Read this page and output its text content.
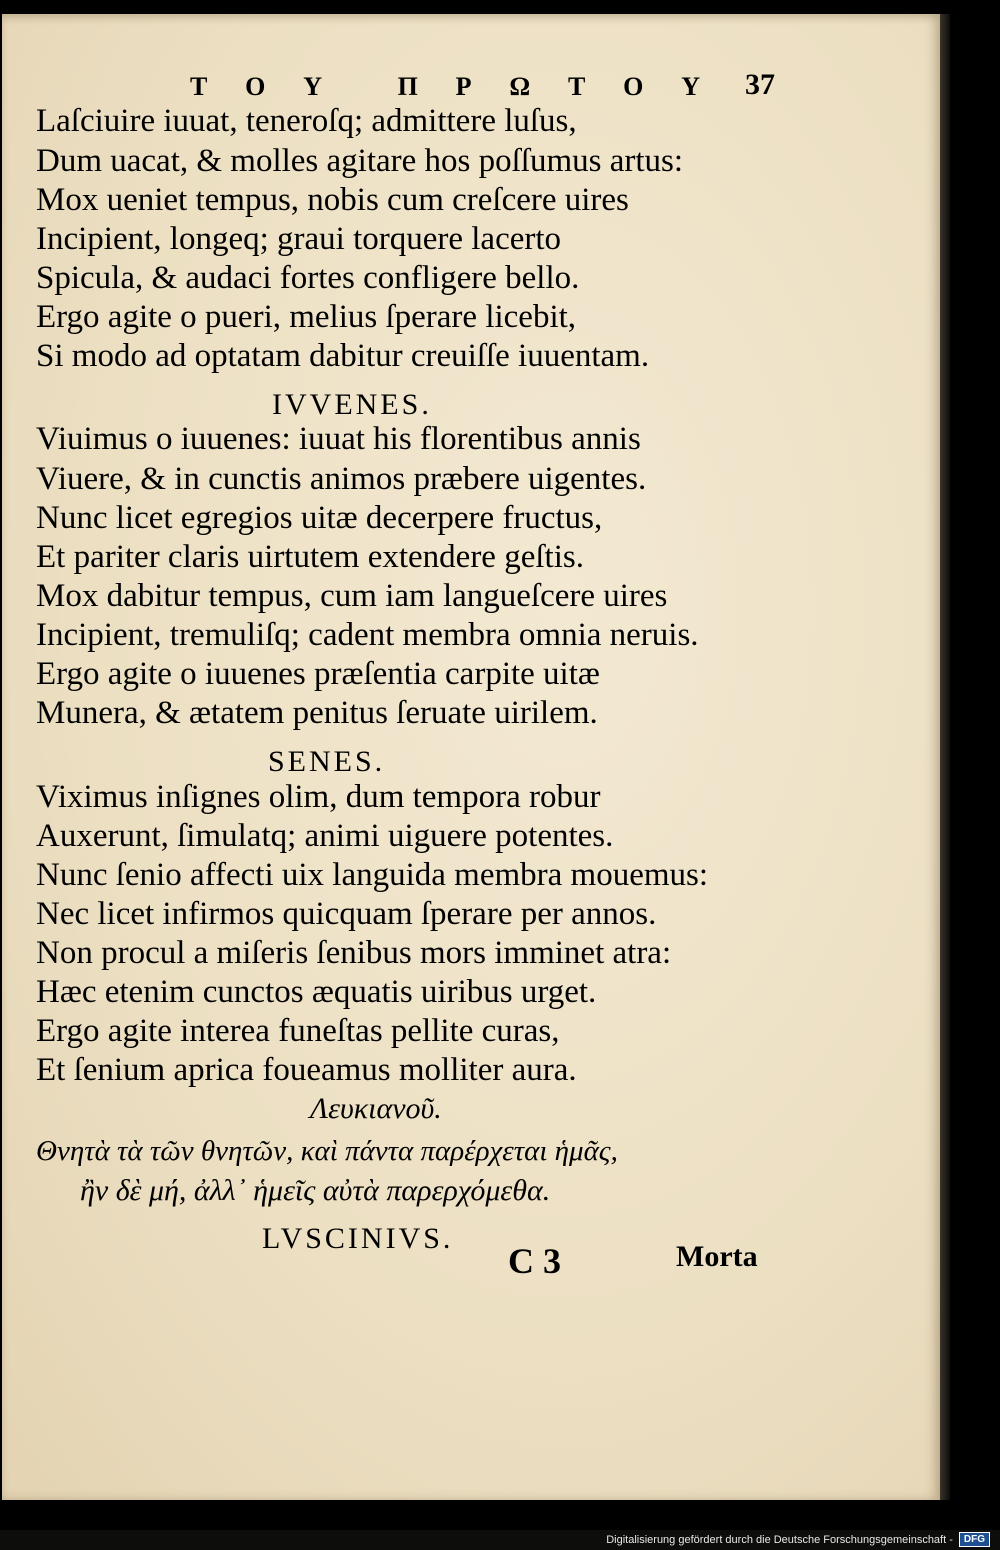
T O Y Π P Ω T O Y 37
Laſciuire iuuat, teneroſq; admittere luſus,
Dum uacat, & molles agitare hos poſſumus artus:
Mox ueniet tempus, nobis cum creſcere uires
Incipient, longeq; graui torquere lacerto
Spicula, & audaci fortes confligere bello.
Ergo agite o pueri, melius ſperare licebit,
Si modo ad optatam dabitur creuiſſe iuuentam.
IVVENES.
Viuimus o iuuenes: iuuat his florentibus annis
Viuere, & in cunctis animos præbere uigentes.
Nunc licet egregios uitæ decerpere fructus,
Et pariter claris uirtutem extendere geſtis.
Mox dabitur tempus, cum iam langueſcere uires
Incipient, tremuliſq; cadent membra omnia neruis.
Ergo agite o iuuenes præſentia carpite uitæ
Munera, & ætatem penitus ſeruate uirilem.
SENES.
Viximus inſignes olim, dum tempora robur
Auxerunt, ſimulatq; animi uiguere potentes.
Nunc ſenio affecti uix languida membra mouemus:
Nec licet infirmos quicquam ſperare per annos.
Non procul a miſeris ſenibus mors imminet atra:
Hæc etenim cunctos æquatis uiribus urget.
Ergo agite interea funeſtas pellite curas,
Et ſenium aprica foueamus molliter aura.
Λευκιανοῦ.
Θνητὰ τὰ τῶν θνητῶν, καὶ πάντα παρέρχεται ἡμᾶς,
ἢν δὲ μή, ἀλλ᾽ ἡμεῖς αὐτὰ παρερχόμεθα.
LVSCINIVS.
C 3	Morta
Digitalisierung gefördert durch die Deutsche Forschungsgemeinschaft -	DFG
